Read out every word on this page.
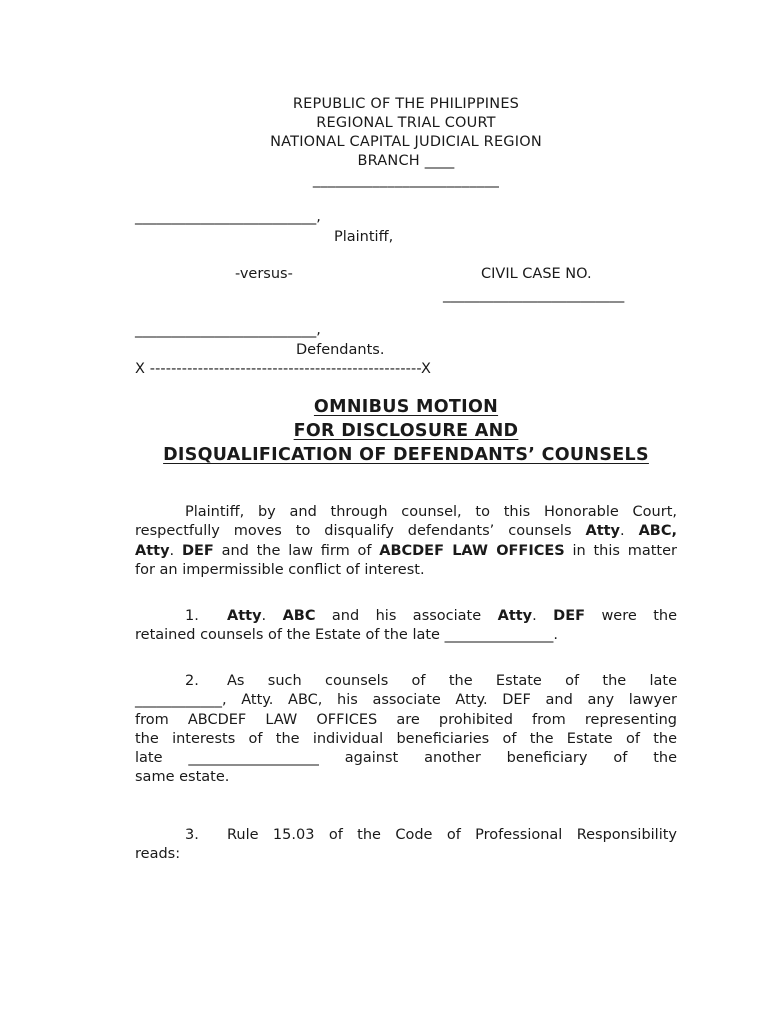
REPUBLIC OF THE PHILIPPINES
REGIONAL TRIAL COURT
NATIONAL CAPITAL JUDICIAL REGION
BRANCH ____
_________________________
_________________________,
Plaintiff,
-versus-	CIVIL CASE NO.
_________________________
_________________________,
Defendants.
X ---------------------------------------------------X
OMNIBUS MOTION
FOR DISCLOSURE AND
DISQUALIFICATION OF DEFENDANTS’ COUNSELS
Plaintiff, by and through counsel, to this Honorable Court,
respectfully moves to disqualify defendants’ counsels Atty. ABC,
Atty. DEF and the law firm of ABCDEF LAW OFFICES in this matter
for an impermissible conflict of interest.
1. Atty. ABC and his associate Atty. DEF were the
retained counsels of the Estate of the late _______________.
2. As such counsels of the Estate of the late
____________, Atty. ABC, his associate Atty. DEF and any lawyer
from ABCDEF LAW OFFICES are prohibited from representing
the interests of the individual beneficiaries of the Estate of the
late __________________ against another beneficiary of the
same estate.
3. Rule 15.03 of the Code of Professional Responsibility
reads:
